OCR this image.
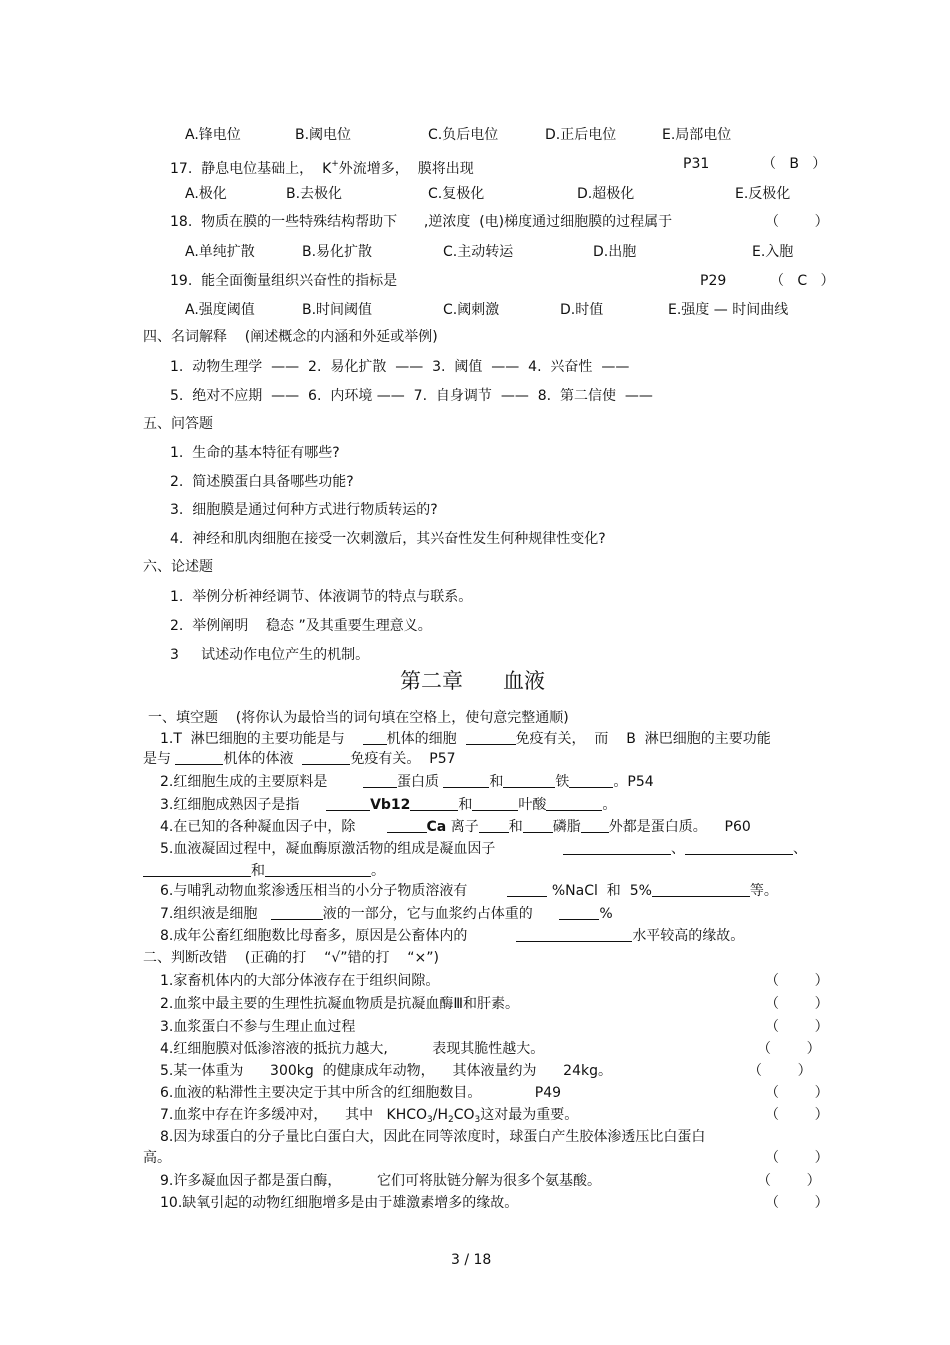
A.锋电位	B.阈电位	C.负后电位	D.正后电位	E.局部电位
17.  静息电位基础上，  K+外流增多，  膜将出现	P31	（   B   ）
A.极化	B.去极化	C.复极化	D.超极化	E.反极化
18.  物质在膜的一些特殊结构帮助下      ,逆浓度  (电)梯度通过细胞膜的过程属于	（        ）
A.单纯扩散	B.易化扩散	C.主动转运	D.出胞	E.入胞
19.  能全面衡量组织兴奋性的指标是	P29	（   C   ）
A.强度阈值	B.时间阈值	C.阈刺激	D.时值	E.强度 — 时间曲线
四、名词解释    (阐述概念的内涵和外延或举例)
1.  动物生理学  ——  2.  易化扩散  ——  3.  阈值  ——  4.  兴奋性  ——
5.  绝对不应期  ——  6.  内环境 ——  7.  自身调节  ——  8.  第二信使  ——
五、问答题
1.  生命的基本特征有哪些?
2.  简述膜蛋白具备哪些功能?
3.  细胞膜是通过何种方式进行物质转运的?
4.  神经和肌肉细胞在接受一次刺激后，其兴奋性发生何种规律性变化?
六、论述题
1.  举例分析神经调节、体液调节的特点与联系。
2.  举例阐明    稳态 ”及其重要生理意义。
3     试述动作电位产生的机制。
第二章      血液
一、填空题    (将你认为最恰当的词句填在空格上，使句意完整通顺)
1.T  淋巴细胞的主要功能是与	机体的细胞	免疫有关，  而    B  淋巴细胞的主要功能
是与	机体的体液	免疫有关。  P57
2.红细胞生成的主要原料是	蛋白质	和	铁	。P54
3.红细胞成熟因子是指	Vb12	和	叶酸	。
4.在已知的各种凝血因子中，除	Ca 离子 和 磷脂 外都是蛋白质。    P60
5.血液凝固过程中，凝血酶原激活物的组成是凝血因子	、	、
和	。
6.与哺乳动物血浆渗透压相当的小分子物质溶液有	%NaCl  和  5%	等。
7.组织液是细胞	液的一部分，它与血浆约占体重的	%
8.成年公畜红细胞数比母畜多，原因是公畜体内的	水平较高的缘故。
二、判断改错    (正确的打    “√”错的打    “×”)
1.家畜机体内的大部分体液存在于组织间隙。	（        ）
2.血浆中最主要的生理性抗凝血物质是抗凝血酶Ⅲ和肝素。	（        ）
3.血浆蛋白不参与生理止血过程	（        ）
4.红细胞膜对低渗溶液的抵抗力越大,          表现其脆性越大。	（        ）
5.某一体重为      300kg  的健康成年动物，    其体液量约为      24kg。	（        ）
6.血液的粘滞性主要决定于其中所含的红细胞数目。            P49	（        ）
7.血浆中存在许多缓冲对，    其中   $KHCO_3/H_2CO_3$这对最为重要。	（        ）
8.因为球蛋白的分子量比白蛋白大，因此在同等浓度时，球蛋白产生胶体渗透压比白蛋白
高。	（        ）
9.许多凝血因子都是蛋白酶，        它们可将肽链分解为很多个氨基酸。	（        ）
10.缺氧引起的动物红细胞增多是由于雄激素增多的缘故。	（        ）
3 / 18
